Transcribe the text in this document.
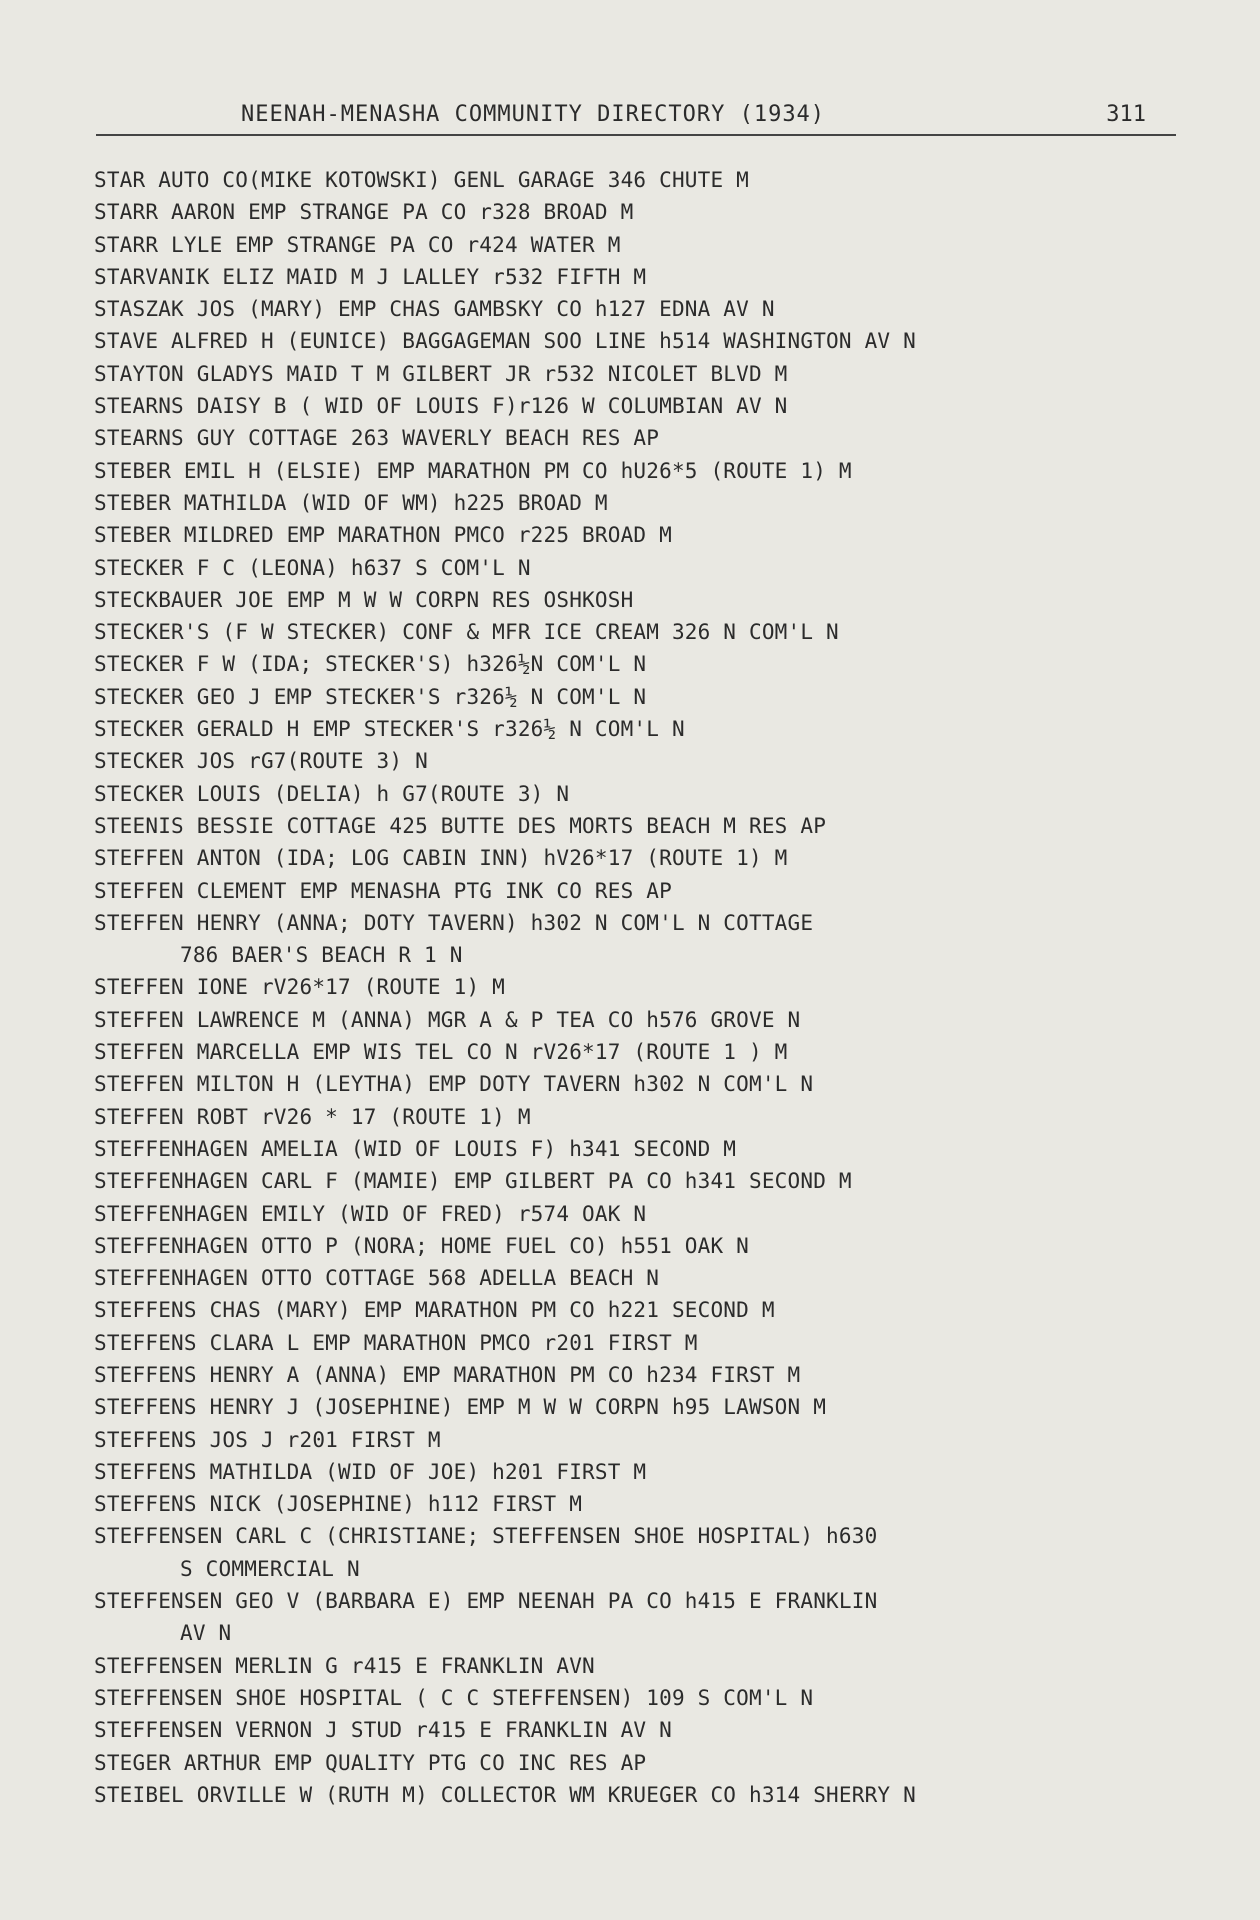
NEENAH-MENASHA COMMUNITY DIRECTORY (1934)	311
STAR AUTO CO(MIKE KOTOWSKI) GENL GARAGE 346 CHUTE M
STARR AARON EMP STRANGE PA CO r328 BROAD M
STARR LYLE EMP STRANGE PA CO r424 WATER M
STARVANIK ELIZ MAID M J LALLEY r532 FIFTH M
STASZAK JOS (MARY) EMP CHAS GAMBSKY CO h127 EDNA AV N
STAVE ALFRED H (EUNICE) BAGGAGEMAN SOO LINE h514 WASHINGTON AV N
STAYTON GLADYS MAID T M GILBERT JR r532 NICOLET BLVD M
STEARNS DAISY B ( WID OF LOUIS F)r126 W COLUMBIAN AV N
STEARNS GUY COTTAGE 263 WAVERLY BEACH RES AP
STEBER EMIL H (ELSIE) EMP MARATHON PM CO hU26*5 (ROUTE 1) M
STEBER MATHILDA (WID OF WM) h225 BROAD M
STEBER MILDRED EMP MARATHON PMCO r225 BROAD M
STECKER F C (LEONA) h637 S COM'L N
STECKBAUER JOE EMP M W W CORPN RES OSHKOSH
STECKER'S (F W STECKER) CONF & MFR ICE CREAM 326 N COM'L N
STECKER F W (IDA; STECKER'S) h326½N COM'L N
STECKER GEO J EMP STECKER'S r326½ N COM'L N
STECKER GERALD H EMP STECKER'S r326½ N COM'L N
STECKER JOS rG7(ROUTE 3) N
STECKER LOUIS (DELIA) h G7(ROUTE 3) N
STEENIS BESSIE COTTAGE 425 BUTTE DES MORTS BEACH M RES AP
STEFFEN ANTON (IDA; LOG CABIN INN) hV26*17 (ROUTE 1) M
STEFFEN CLEMENT EMP MENASHA PTG INK CO RES AP
STEFFEN HENRY (ANNA; DOTY TAVERN) h302 N COM'L N COTTAGE
786 BAER'S BEACH R 1 N
STEFFEN IONE rV26*17 (ROUTE 1) M
STEFFEN LAWRENCE M (ANNA) MGR A & P TEA CO h576 GROVE N
STEFFEN MARCELLA EMP WIS TEL CO N rV26*17 (ROUTE 1 ) M
STEFFEN MILTON H (LEYTHA) EMP DOTY TAVERN h302 N COM'L N
STEFFEN ROBT rV26 * 17 (ROUTE 1) M
STEFFENHAGEN AMELIA (WID OF LOUIS F) h341 SECOND M
STEFFENHAGEN CARL F (MAMIE) EMP GILBERT PA CO h341 SECOND M
STEFFENHAGEN EMILY (WID OF FRED) r574 OAK N
STEFFENHAGEN OTTO P (NORA; HOME FUEL CO) h551 OAK N
STEFFENHAGEN OTTO COTTAGE 568 ADELLA BEACH N
STEFFENS CHAS (MARY) EMP MARATHON PM CO h221 SECOND M
STEFFENS CLARA L EMP MARATHON PMCO r201 FIRST M
STEFFENS HENRY A (ANNA) EMP MARATHON PM CO h234 FIRST M
STEFFENS HENRY J (JOSEPHINE) EMP M W W CORPN h95 LAWSON M
STEFFENS JOS J r201 FIRST M
STEFFENS MATHILDA (WID OF JOE) h201 FIRST M
STEFFENS NICK (JOSEPHINE) h112 FIRST M
STEFFENSEN CARL C (CHRISTIANE; STEFFENSEN SHOE HOSPITAL) h630
S COMMERCIAL N
STEFFENSEN GEO V (BARBARA E) EMP NEENAH PA CO h415 E FRANKLIN
AV N
STEFFENSEN MERLIN G r415 E FRANKLIN AVN
STEFFENSEN SHOE HOSPITAL ( C C STEFFENSEN) 109 S COM'L N
STEFFENSEN VERNON J STUD r415 E FRANKLIN AV N
STEGER ARTHUR EMP QUALITY PTG CO INC RES AP
STEIBEL ORVILLE W (RUTH M) COLLECTOR WM KRUEGER CO h314 SHERRY N
